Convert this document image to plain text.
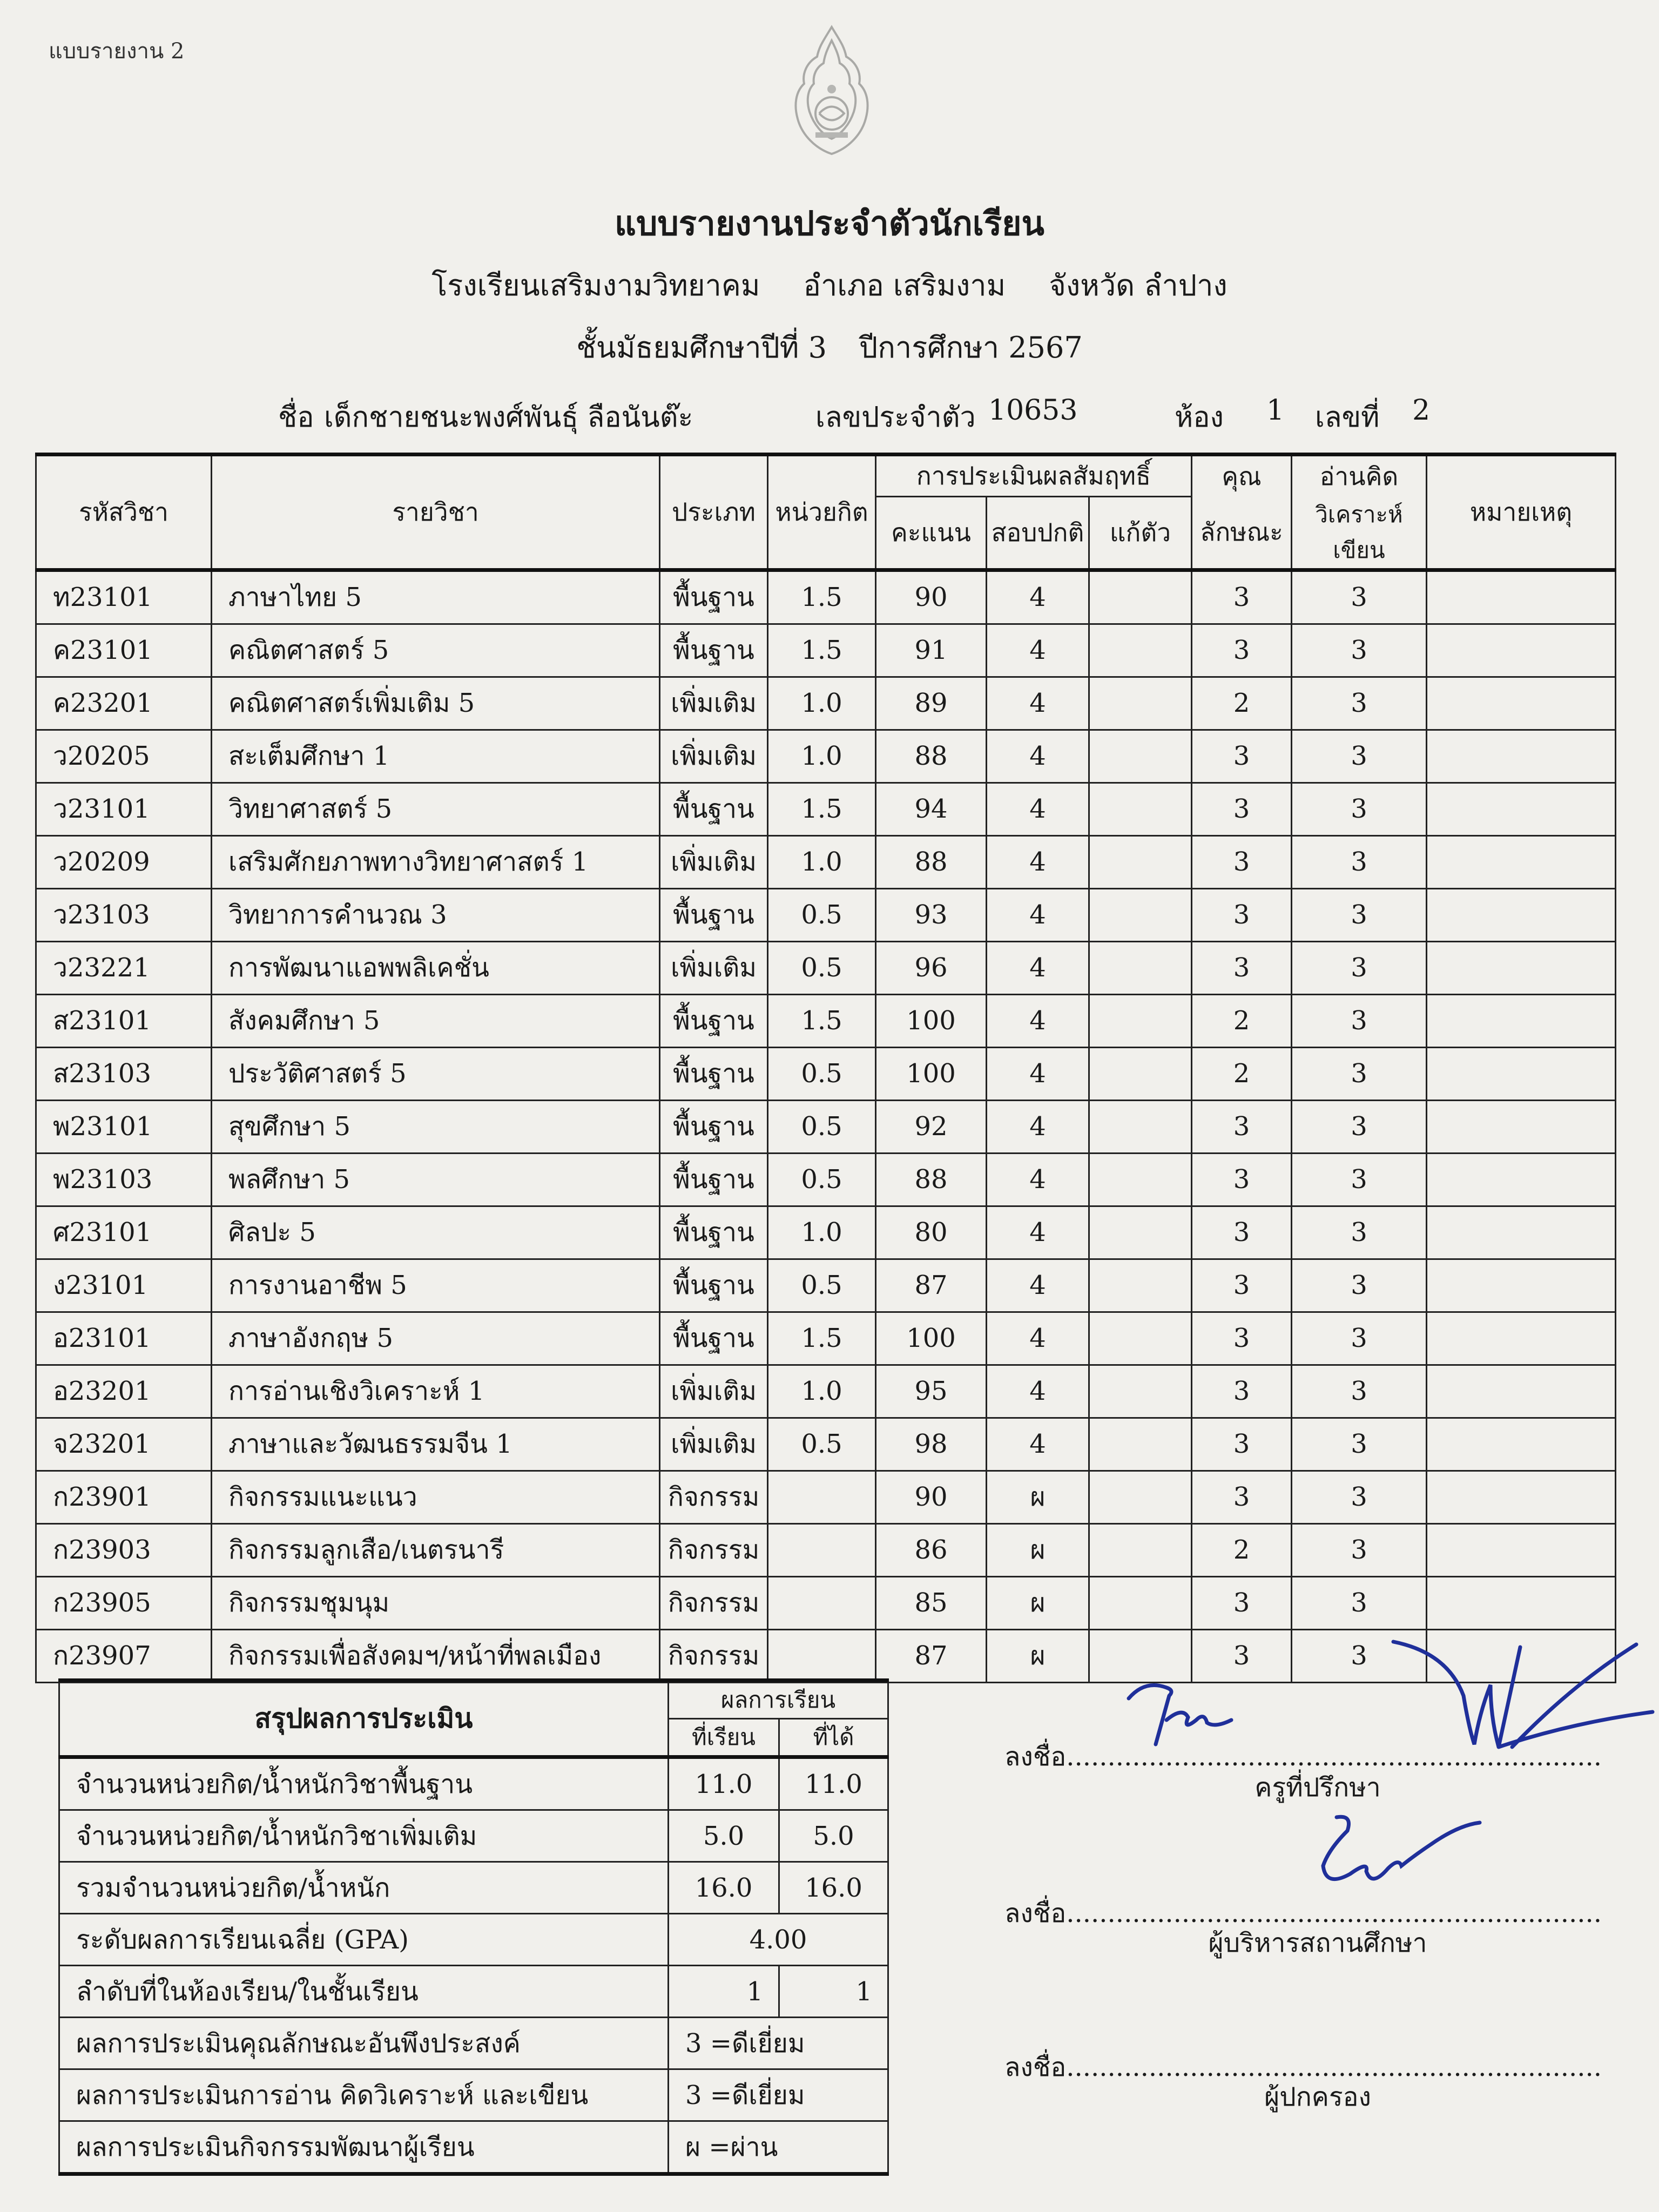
แบบรายงาน 2
แบบรายงานประจำตัวนักเรียน
โรงเรียนเสริมงามวิทยาคม อำเภอ เสริมงาม จังหวัด ลำปาง
ชั้นมัธยมศึกษาปีที่ 3 ปีการศึกษา 2567
ชื่อ เด็กชายชนะพงศ์พันธุ์ ลือนันต๊ะ	เลขประจำตัว 10653	ห้อง 1 เลขที่ 2
รหัสวิชา	รายวิชา	ประเภท	หน่วยกิต	การประเมินผลสัมฤทธิ์			คุณ	อ่านคิด	หมายเหตุ
				คะแนน	สอบปกติ	แก้ตัว	ลักษณะ	วิเคราะห์เขียน	
ท23101	ภาษาไทย 5	พื้นฐาน	1.5	90	4		3	3	
ค23101	คณิตศาสตร์ 5	พื้นฐาน	1.5	91	4		3	3	
ค23201	คณิตศาสตร์เพิ่มเติม 5	เพิ่มเติม	1.0	89	4		2	3	
ว20205	สะเต็มศึกษา 1	เพิ่มเติม	1.0	88	4		3	3	
ว23101	วิทยาศาสตร์ 5	พื้นฐาน	1.5	94	4		3	3	
ว20209	เสริมศักยภาพทางวิทยาศาสตร์ 1	เพิ่มเติม	1.0	88	4		3	3	
ว23103	วิทยาการคำนวณ 3	พื้นฐาน	0.5	93	4		3	3	
ว23221	การพัฒนาแอพพลิเคชั่น	เพิ่มเติม	0.5	96	4		3	3	
ส23101	สังคมศึกษา 5	พื้นฐาน	1.5	100	4		2	3	
ส23103	ประวัติศาสตร์ 5	พื้นฐาน	0.5	100	4		2	3	
พ23101	สุขศึกษา 5	พื้นฐาน	0.5	92	4		3	3	
พ23103	พลศึกษา 5	พื้นฐาน	0.5	88	4		3	3	
ศ23101	ศิลปะ 5	พื้นฐาน	1.0	80	4		3	3	
ง23101	การงานอาชีพ 5	พื้นฐาน	0.5	87	4		3	3	
อ23101	ภาษาอังกฤษ 5	พื้นฐาน	1.5	100	4		3	3	
อ23201	การอ่านเชิงวิเคราะห์ 1	เพิ่มเติม	1.0	95	4		3	3	
จ23201	ภาษาและวัฒนธรรมจีน 1	เพิ่มเติม	0.5	98	4		3	3	
ก23901	กิจกรรมแนะแนว	กิจกรรม		90	ผ		3	3	
ก23903	กิจกรรมลูกเสือ/เนตรนารี	กิจกรรม		86	ผ		2	3	
ก23905	กิจกรรมชุมนุม	กิจกรรม		85	ผ		3	3	
ก23907	กิจกรรมเพื่อสังคมฯ/หน้าที่พลเมือง	กิจกรรม		87	ผ		3	3	
สรุปผลการประเมิน	ผลการเรียน	
	ที่เรียน	ที่ได้
จำนวนหน่วยกิต/น้ำหนักวิชาพื้นฐาน	11.0	11.0
จำนวนหน่วยกิต/น้ำหนักวิชาเพิ่มเติม	5.0	5.0
รวมจำนวนหน่วยกิต/น้ำหนัก	16.0	16.0
ระดับผลการเรียนเฉลี่ย (GPA)	4.00	
ลำดับที่ในห้องเรียน/ในชั้นเรียน	1	1
ผลการประเมินคุณลักษณะอันพึงประสงค์	3 =ดีเยี่ยม	
ผลการประเมินการอ่าน คิดวิเคราะห์ และเขียน	3 =ดีเยี่ยม	
ผลการประเมินกิจกรรมพัฒนาผู้เรียน	ผ =ผ่าน	
ลงชื่อ.................................................................
ครูที่ปรึกษา
ลงชื่อ.................................................................
ผู้บริหารสถานศึกษา
ลงชื่อ.................................................................
ผู้ปกครอง
